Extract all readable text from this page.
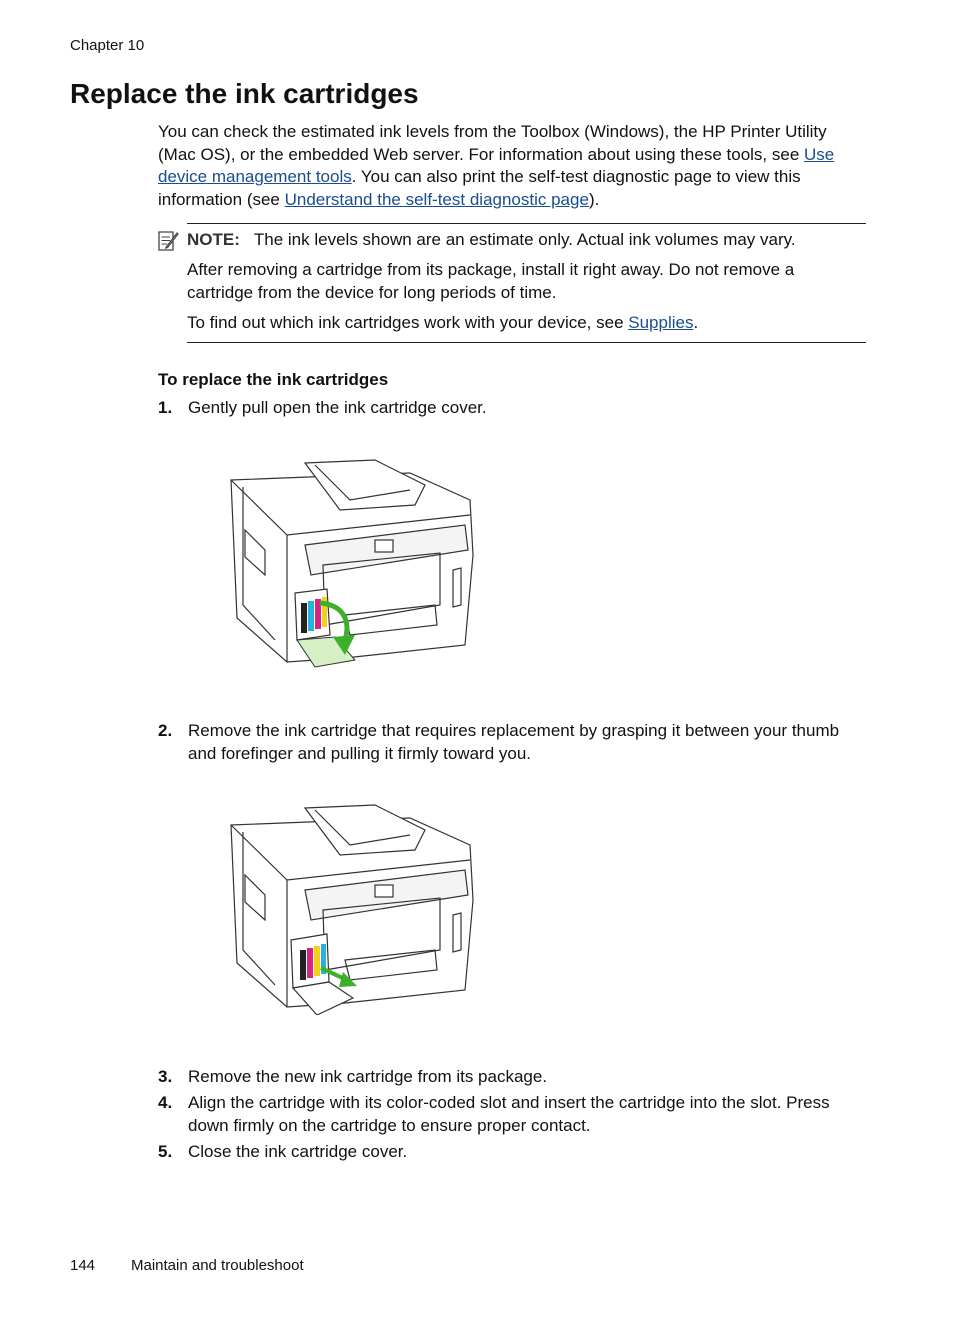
Chapter 10
Replace the ink cartridges

You can check the estimated ink levels from the Toolbox (Windows), the HP Printer Utility (Mac OS), or the embedded Web server. For information about using these tools, see Use device management tools. You can also print the self-test diagnostic page to view this information (see Understand the self-test diagnostic page).

NOTE: The ink levels shown are an estimate only. Actual ink volumes may vary.

After removing a cartridge from its package, install it right away. Do not remove a cartridge from the device for long periods of time.

To find out which ink cartridges work with your device, see Supplies.

To replace the ink cartridges
1. Gently pull open the ink cartridge cover.
2. Remove the ink cartridge that requires replacement by grasping it between your thumb and forefinger and pulling it firmly toward you.
3. Remove the new ink cartridge from its package.
4. Align the cartridge with its color-coded slot and insert the cartridge into the slot. Press down firmly on the cartridge to ensure proper contact.
5. Close the ink cartridge cover.
144 Maintain and troubleshoot
